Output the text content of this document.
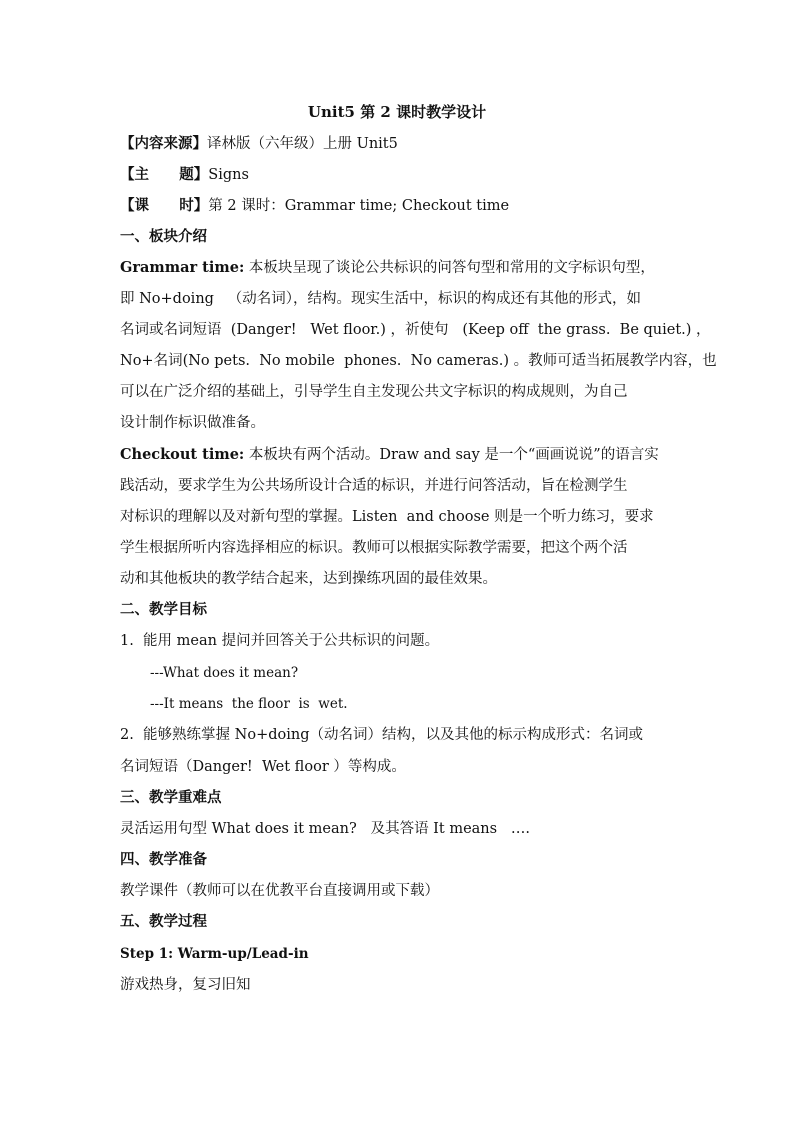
Unit5 第 2 课时教学设计
【内容来源】译林版（六年级）上册 Unit5
【主      题】Signs
【课      时】第 2 课时：Grammar time; Checkout time
一、板块介绍
Grammar time: 本板块呈现了谈论公共标识的问答句型和常用的文字标识句型，
即 No+doing   （动名词），结构。现实生活中，标识的构成还有其他的形式，如
名词或名词短语  (Danger!   Wet floor.) ，祈使句   (Keep off  the grass.  Be quiet.) ，
No+名词(No pets.  No mobile  phones.  No cameras.) 。教师可适当拓展教学内容，也
可以在广泛介绍的基础上，引导学生自主发现公共文字标识的构成规则，为自己
设计制作标识做准备。
Checkout time: 本板块有两个活动。Draw and say 是一个“画画说说”的语言实
践活动，要求学生为公共场所设计合适的标识，并进行问答活动，旨在检测学生
对标识的理解以及对新句型的掌握。Listen  and choose 则是一个听力练习，要求
学生根据所听内容选择相应的标识。教师可以根据实际教学需要，把这个两个活
动和其他板块的教学结合起来，达到操练巩固的最佳效果。
二、教学目标
1.  能用 mean 提问并回答关于公共标识的问题。
---What does it mean?
---It means  the floor  is  wet.
2.  能够熟练掌握 No+doing（动名词）结构，以及其他的标示构成形式：名词或
名词短语（Danger!  Wet floor ）等构成。
三、教学重难点
灵活运用句型 What does it mean?   及其答语 It means   ….
四、教学准备
教学课件（教师可以在优教平台直接调用或下载）
五、教学过程
Step 1: Warm-up/Lead-in
游戏热身，复习旧知
